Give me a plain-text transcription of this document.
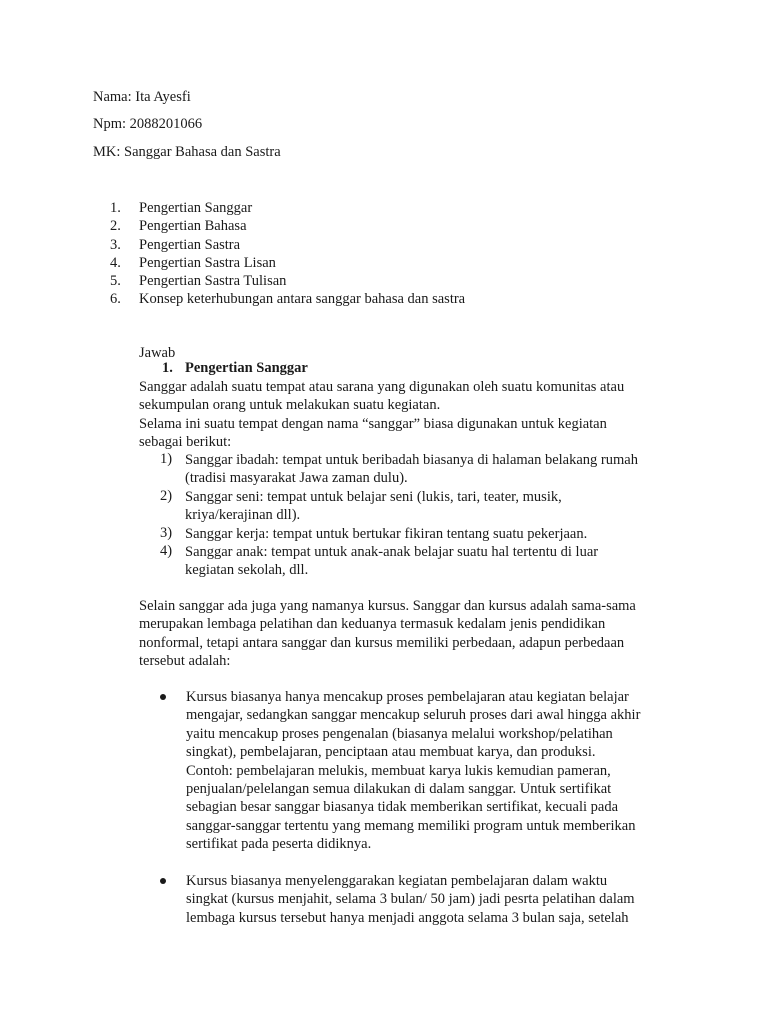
Nama: Ita Ayesfi

Npm: 2088201066

MK: Sanggar Bahasa dan Sastra

1. Pengertian Sanggar
2. Pengertian Bahasa
3. Pengertian Sastra
4. Pengertian Sastra Lisan
5. Pengertian Sastra Tulisan
6. Konsep keterhubungan antara sanggar bahasa dan sastra
Jawab
1. Pengertian Sanggar
Sanggar adalah suatu tempat atau sarana yang digunakan oleh suatu komunitas atau
sekumpulan orang untuk melakukan suatu kegiatan.
Selama ini suatu tempat dengan nama “sanggar” biasa digunakan untuk kegiatan
sebagai berikut:
1) Sanggar ibadah: tempat untuk beribadah biasanya di halaman belakang rumah
(tradisi masyarakat Jawa zaman dulu).
2) Sanggar seni: tempat untuk belajar seni (lukis, tari, teater, musik,
kriya/kerajinan dll).
3) Sanggar kerja: tempat untuk bertukar fikiran tentang suatu pekerjaan.
4) Sanggar anak: tempat untuk anak-anak belajar suatu hal tertentu di luar
kegiatan sekolah, dll.
Selain sanggar ada juga yang namanya kursus. Sanggar dan kursus adalah sama-sama
merupakan lembaga pelatihan dan keduanya termasuk kedalam jenis pendidikan
nonformal, tetapi antara sanggar dan kursus memiliki perbedaan, adapun perbedaan
tersebut adalah:
Kursus biasanya hanya mencakup proses pembelajaran atau kegiatan belajar
mengajar, sedangkan sanggar mencakup seluruh proses dari awal hingga akhir
yaitu mencakup proses pengenalan (biasanya melalui workshop/pelatihan
singkat), pembelajaran, penciptaan atau membuat karya, dan produksi.
Contoh: pembelajaran melukis, membuat karya lukis kemudian pameran,
penjualan/pelelangan semua dilakukan di dalam sanggar. Untuk sertifikat
sebagian besar sanggar biasanya tidak memberikan sertifikat, kecuali pada
sanggar-sanggar tertentu yang memang memiliki program untuk memberikan
sertifikat pada peserta didiknya.
Kursus biasanya menyelenggarakan kegiatan pembelajaran dalam waktu
singkat (kursus menjahit, selama 3 bulan/ 50 jam) jadi pesrta pelatihan dalam
lembaga kursus tersebut hanya menjadi anggota selama 3 bulan saja, setelah
